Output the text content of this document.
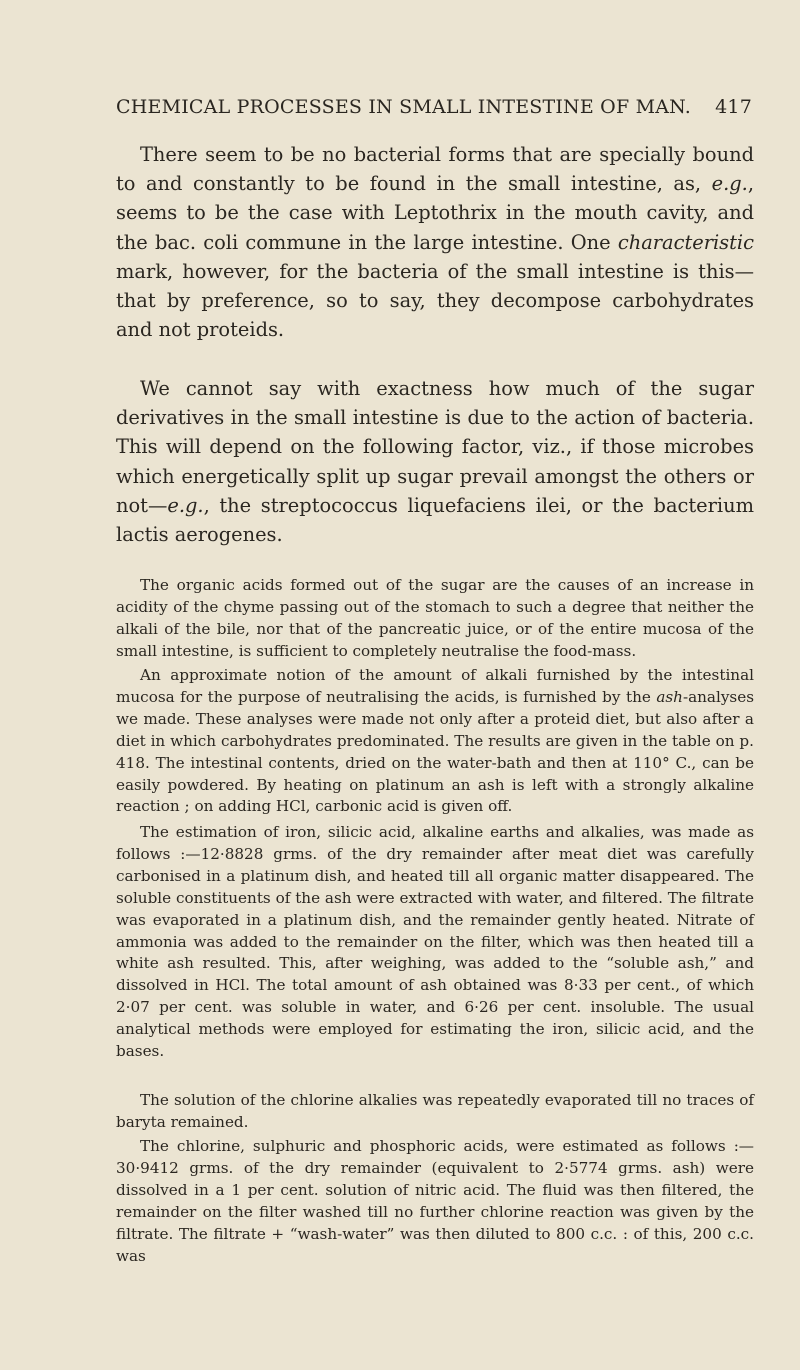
CHEMICAL PROCESSES IN SMALL INTESTINE OF MAN. 417

There seem to be no bacterial forms that are specially bound to and constantly to be found in the small intestine, as, e.g., seems to be the case with Leptothrix in the mouth cavity, and the bac. coli commune in the large intestine. One characteristic mark, however, for the bacteria of the small intestine is this—that by preference, so to say, they decompose carbohydrates and not proteids.

We cannot say with exactness how much of the sugar derivatives in the small intestine is due to the action of bacteria. This will depend on the following factor, viz., if those microbes which energetically split up sugar prevail amongst the others or not—e.g., the streptococcus liquefaciens ilei, or the bacterium lactis aerogenes.

The organic acids formed out of the sugar are the causes of an increase in acidity of the chyme passing out of the stomach to such a degree that neither the alkali of the bile, nor that of the pancreatic juice, or of the entire mucosa of the small intestine, is sufficient to completely neutralise the food-mass.

An approximate notion of the amount of alkali furnished by the intestinal mucosa for the purpose of neutralising the acids, is furnished by the ash-analyses we made. These analyses were made not only after a proteid diet, but also after a diet in which carbohydrates predominated. The results are given in the table on p. 418. The intestinal contents, dried on the water-bath and then at 110° C., can be easily powdered. By heating on platinum an ash is left with a strongly alkaline reaction ; on adding HCl, carbonic acid is given off.

The estimation of iron, silicic acid, alkaline earths and alkalies, was made as follows :—12·8828 grms. of the dry remainder after meat diet was carefully carbonised in a platinum dish, and heated till all organic matter disappeared. The soluble constituents of the ash were extracted with water, and filtered. The filtrate was evaporated in a platinum dish, and the remainder gently heated. Nitrate of ammonia was added to the remainder on the filter, which was then heated till a white ash resulted. This, after weighing, was added to the “soluble ash,” and dissolved in HCl. The total amount of ash obtained was 8·33 per cent., of which 2·07 per cent. was soluble in water, and 6·26 per cent. insoluble. The usual analytical methods were employed for estimating the iron, silicic acid, and the bases.

The solution of the chlorine alkalies was repeatedly evaporated till no traces of baryta remained.

The chlorine, sulphuric and phosphoric acids, were estimated as follows :—30·9412 grms. of the dry remainder (equivalent to 2·5774 grms. ash) were dissolved in a 1 per cent. solution of nitric acid. The fluid was then filtered, the remainder on the filter washed till no further chlorine reaction was given by the filtrate. The filtrate + “wash-water” was then diluted to 800 c.c. : of this, 200 c.c. was
